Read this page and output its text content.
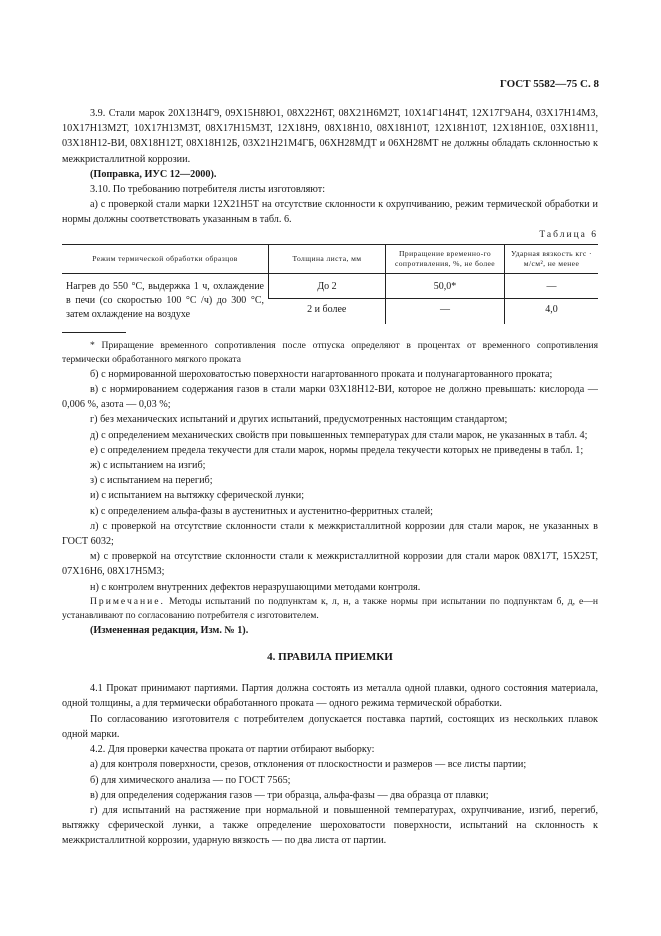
ГОСТ 5582—75 С. 8

3.9. Стали марок 20Х13Н4Г9, 09Х15Н8Ю1, 08Х22Н6Т, 08Х21Н6М2Т, 10Х14Г14Н4Т, 12Х17Г9АН4, 03Х17Н14М3, 10Х17Н13М2Т, 10Х17Н13М3Т, 08Х17Н15М3Т, 12Х18Н9, 08Х18Н10, 08Х18Н10Т, 12Х18Н10Т, 12Х18Н10Е, 03Х18Н11, 03Х18Н12-ВИ, 08Х18Н12Т, 08Х18Н12Б, 03Х21Н21М4ГБ, 06ХН28МДТ и 06ХН28МТ не должны обладать склонностью к межкристаллитной коррозии.

(Поправка, ИУС 12—2000).

3.10. По требованию потребителя листы изготовляют:

а) с проверкой стали марки 12Х21Н5Т на отсутствие склонности к охрупчиванию, режим термической обработки и нормы должны соответствовать указанным в табл. 6.

Таблица 6
Режим термической обработки образцов	Толщина листа, мм	Приращение временно-го сопротивления, %, не более	Ударная вязкость кгс · м/см², не менее
Нагрев до 550 °С, выдержка 1 ч, охлаждение в печи (со скоростью 100 °С /ч) до 300 °С, затем охлаждение на воздухе	До 2	50,0*	—
	2 и более	—	4,0

* Приращение временного сопротивления после отпуска определяют в процентах от временного сопротивления термически обработанного мягкого проката

б) с нормированной шероховатостью поверхности нагартованного проката и полунагартованного проката;

в) с нормированием содержания газов в стали марки 03Х18Н12-ВИ, которое не должно превышать: кислорода — 0,006 %, азота — 0,03 %;

г) без механических испытаний и других испытаний, предусмотренных настоящим стандартом;

д) с определением механических свойств при повышенных температурах для стали марок, не указанных в табл. 4;

е) с определением предела текучести для стали марок, нормы предела текучести которых не приведены в табл. 1;

ж) с испытанием на изгиб;

з) с испытанием на перегиб;

и) с испытанием на вытяжку сферической лунки;

к) с определением альфа-фазы в аустенитных и аустенитно-ферритных сталей;

л) с проверкой на отсутствие склонности стали к межкристаллитной коррозии для стали марок, не указанных в ГОСТ 6032;

м) с проверкой на отсутствие склонности стали к межкристаллитной коррозии для стали марок 08Х17Т, 15Х25Т, 07Х16Н6, 08Х17Н5М3;

н) с контролем внутренних дефектов неразрушающими методами контроля.

Примечание. Методы испытаний по подпунктам к, л, н, а также нормы при испытании по подпунктам б, д, е—н устанавливают по согласованию потребителя с изготовителем.

(Измененная редакция, Изм. № 1).

4. ПРАВИЛА ПРИЕМКИ

4.1 Прокат принимают партиями. Партия должна состоять из металла одной плавки, одного состояния материала, одной толщины, а для термически обработанного проката — одного режима термической обработки.

По согласованию изготовителя с потребителем допускается поставка партий, состоящих из нескольких плавок одной марки.

4.2. Для проверки качества проката от партии отбирают выборку:

а) для контроля поверхности, срезов, отклонения от плоскостности и размеров — все листы партии;

б) для химического анализа — по ГОСТ 7565;

в) для определения содержания газов — три образца, альфа-фазы — два образца от плавки;

г) для испытаний на растяжение при нормальной и повышенной температурах, охрупчивание, изгиб, перегиб, вытяжку сферической лунки, а также определение шероховатости поверхности, испытаний на склонность к межкристаллитной коррозии, ударную вязкость — по два листа от партии.
